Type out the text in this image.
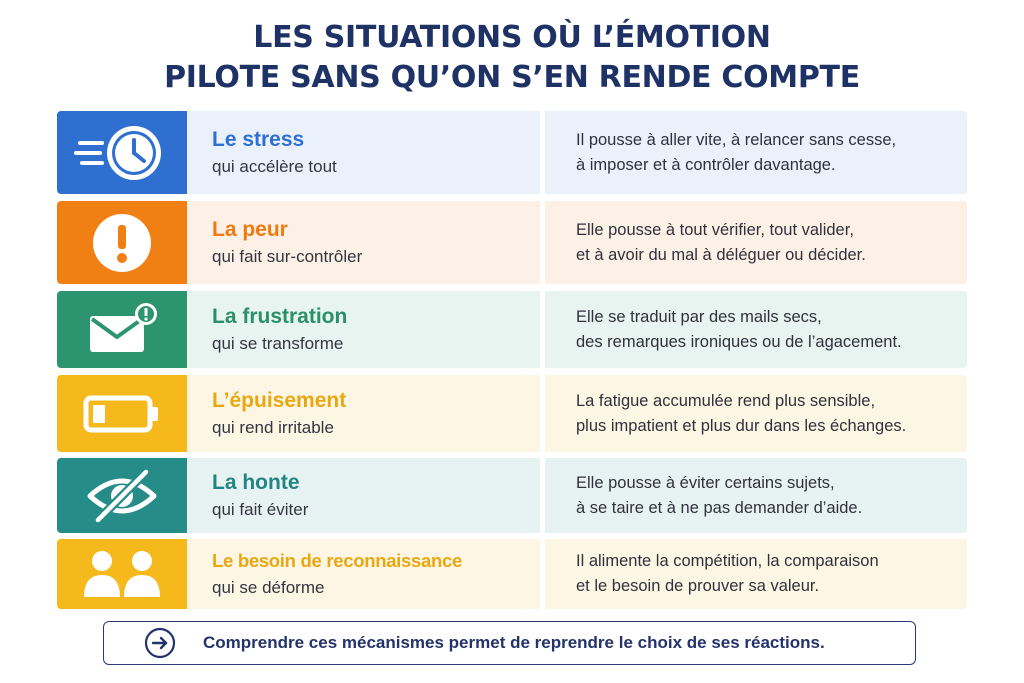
LES SITUATIONS OÙ L’ÉMOTION
PILOTE SANS QU’ON S’EN RENDE COMPTE
Le stress
qui accélère tout
Il pousse à aller vite, à relancer sans cesse,
à imposer et à contrôler davantage.
La peur
qui fait sur-contrôler
Elle pousse à tout vérifier, tout valider,
et à avoir du mal à déléguer ou décider.
La frustration
qui se transforme
Elle se traduit par des mails secs,
des remarques ironiques ou de l’agacement.
L’épuisement
qui rend irritable
La fatigue accumulée rend plus sensible,
plus impatient et plus dur dans les échanges.
La honte
qui fait éviter
Elle pousse à éviter certains sujets,
à se taire et à ne pas demander d’aide.
Le besoin de reconnaissance
qui se déforme
Il alimente la compétition, la comparaison
et le besoin de prouver sa valeur.
Comprendre ces mécanismes permet de reprendre le choix de ses réactions.
